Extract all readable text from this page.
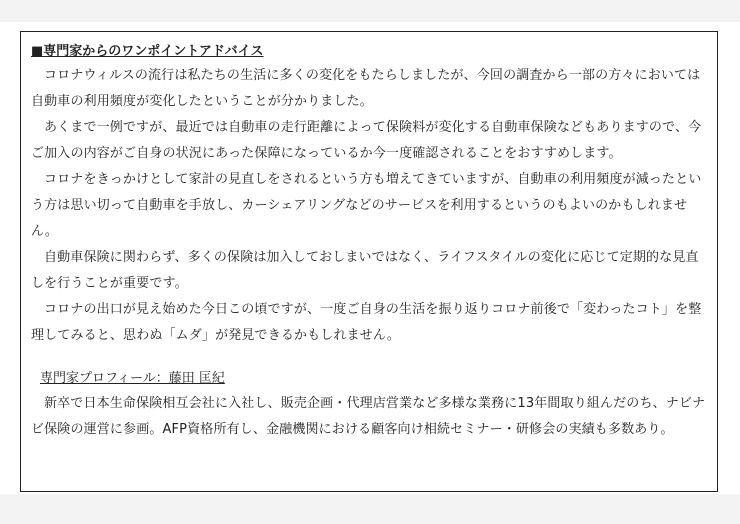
■専門家からのワンポイントアドバイス

コロナウィルスの流行は私たちの生活に多くの変化をもたらしましたが、今回の調査から一部の方々においては自動車の利用頻度が変化したということが分かりました。

あくまで一例ですが、最近では自動車の走行距離によって保険料が変化する自動車保険などもありますので、今ご加入の内容がご自身の状況にあった保障になっているか今一度確認されることをおすすめします。

コロナをきっかけとして家計の見直しをされるという方も増えてきていますが、自動車の利用頻度が減ったという方は思い切って自動車を手放し、カーシェアリングなどのサービスを利用するというのもよいのかもしれません。

自動車保険に関わらず、多くの保険は加入しておしまいではなく、ライフスタイルの変化に応じて定期的な見直しを行うことが重要です。

コロナの出口が見え始めた今日この頃ですが、一度ご自身の生活を振り返りコロナ前後で「変わったコト」を整理してみると、思わぬ「ムダ」が発見できるかもしれません。

専門家プロフィール：藤田 匡紀

新卒で日本生命保険相互会社に入社し、販売企画・代理店営業など多様な業務に13年間取り組んだのち、ナビナビ保険の運営に参画。AFP資格所有し、金融機関における顧客向け相続セミナー・研修会の実績も多数あり。
